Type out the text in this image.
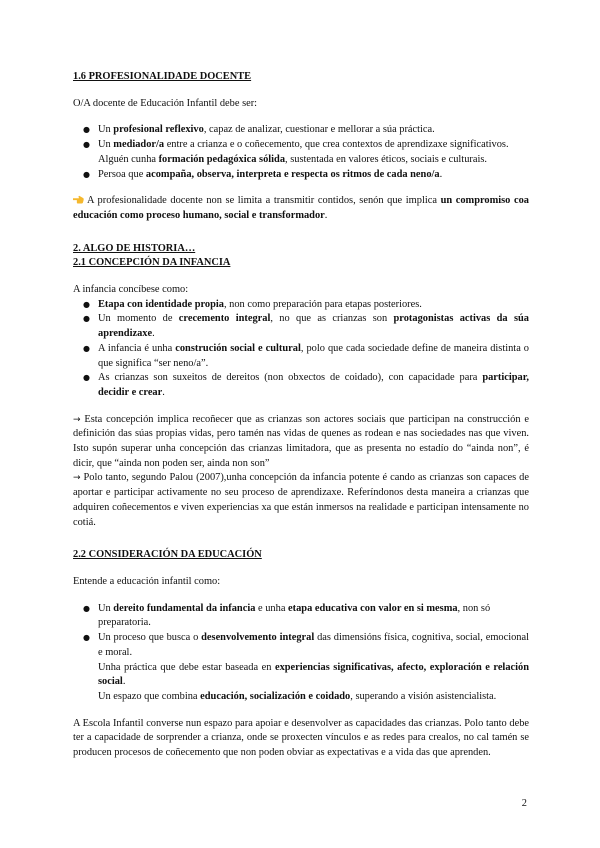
1.6 PROFESIONALIDADE DOCENTE

O/A docente de Educación Infantil debe ser:

● Un profesional reflexivo, capaz de analizar, cuestionar e mellorar a súa práctica.
● Un mediador/a entre a crianza e o coñecemento, que crea contextos de aprendizaxe significativos.
Alguén cunha formación pedagóxica sólida, sustentada en valores éticos, sociais e culturais.
● Persoa que acompaña, observa, interpreta e respecta os ritmos de cada neno/a.

A profesionalidade docente non se limita a transmitir contidos, senón que implica un compromiso coa educación como proceso humano, social e transformador.

2. ALGO DE HISTORIA…

2.1 CONCEPCIÓN DA INFANCIA

A infancia concíbese como:

● Etapa con identidade propia, non como preparación para etapas posteriores.
● Un momento de crecemento integral, no que as crianzas son protagonistas activas da súa aprendizaxe.
● A infancia é unha construción social e cultural, polo que cada sociedade define de maneira distinta o que significa “ser neno/a”.
● As crianzas son suxeitos de dereitos (non obxectos de coidado), con capacidade para participar, decidir e crear.

→ Esta concepción implica recoñecer que as crianzas son actores sociais que participan na construcción e definición das súas propias vidas, pero tamén nas vidas de quenes as rodean e nas sociedades nas que viven. Isto supón superar unha concepción das crianzas limitadora, que as presenta no estadío do “ainda non”, é dicir, que “ainda non poden ser, ainda non son”

→ Polo tanto, segundo Palou (2007),unha concepción da infancia potente é cando as crianzas son capaces de aportar e participar activamente no seu proceso de aprendizaxe. Referíndonos desta maneira a crianzas que adquiren coñecementos e viven experiencias xa que están inmersos na realidade e participan intensamente no cotiá.

2.2 CONSIDERACIÓN DA EDUCACIÓN

Entende a educación infantil como:

● Un dereito fundamental da infancia e unha etapa educativa con valor en si mesma, non só preparatoria.
● Un proceso que busca o desenvolvemento integral das dimensións física, cognitiva, social, emocional e moral.
Unha práctica que debe estar baseada en experiencias significativas, afecto, exploración e relación social.
Un espazo que combina educación, socialización e coidado, superando a visión asistencialista.

A Escola Infantil converse nun espazo para apoiar e desenvolver as capacidades das crianzas. Polo tanto debe ter a capacidade de sorprender a crianza, onde se proxecten vínculos e as redes para crealos, no cal tamén se producen procesos de coñecemento que non poden obviar as expectativas e a vida das que aprenden.

2
